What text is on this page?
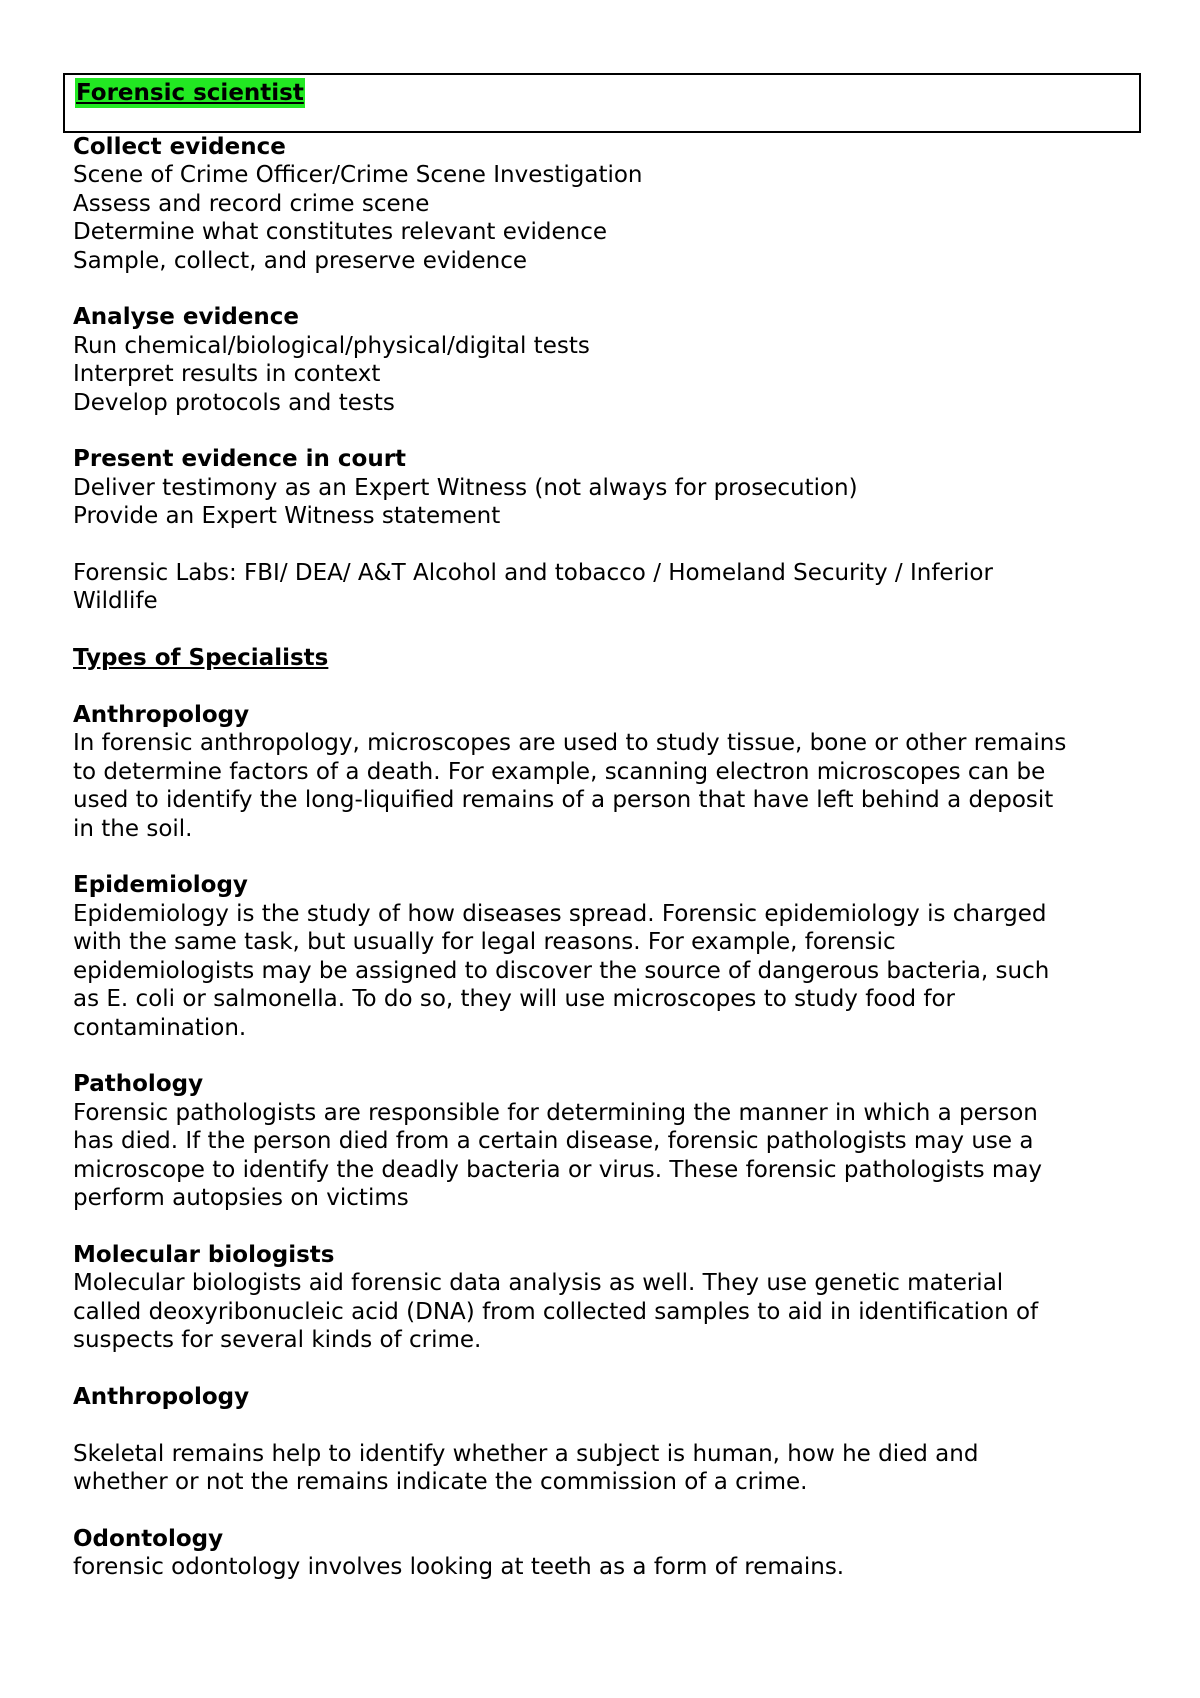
Forensic scientist
Collect evidence
Scene of Crime Officer/Crime Scene Investigation
Assess and record crime scene
Determine what constitutes relevant evidence
Sample, collect, and preserve evidence
Analyse evidence
Run chemical/biological/physical/digital tests
Interpret results in context
Develop protocols and tests
Present evidence in court
Deliver testimony as an Expert Witness (not always for prosecution)
Provide an Expert Witness statement
Forensic Labs: FBI/ DEA/ A&T Alcohol and tobacco / Homeland Security / Inferior
Wildlife
Types of Specialists
Anthropology
In forensic anthropology, microscopes are used to study tissue, bone or other remains
to determine factors of a death. For example, scanning electron microscopes can be
used to identify the long-liquified remains of a person that have left behind a deposit
in the soil.
Epidemiology
Epidemiology is the study of how diseases spread. Forensic epidemiology is charged
with the same task, but usually for legal reasons. For example, forensic
epidemiologists may be assigned to discover the source of dangerous bacteria, such
as E. coli or salmonella. To do so, they will use microscopes to study food for
contamination.
Pathology
Forensic pathologists are responsible for determining the manner in which a person
has died. If the person died from a certain disease, forensic pathologists may use a
microscope to identify the deadly bacteria or virus. These forensic pathologists may
perform autopsies on victims
Molecular biologists
Molecular biologists aid forensic data analysis as well. They use genetic material
called deoxyribonucleic acid (DNA) from collected samples to aid in identification of
suspects for several kinds of crime.
Anthropology
Skeletal remains help to identify whether a subject is human, how he died and
whether or not the remains indicate the commission of a crime.
Odontology
forensic odontology involves looking at teeth as a form of remains.
